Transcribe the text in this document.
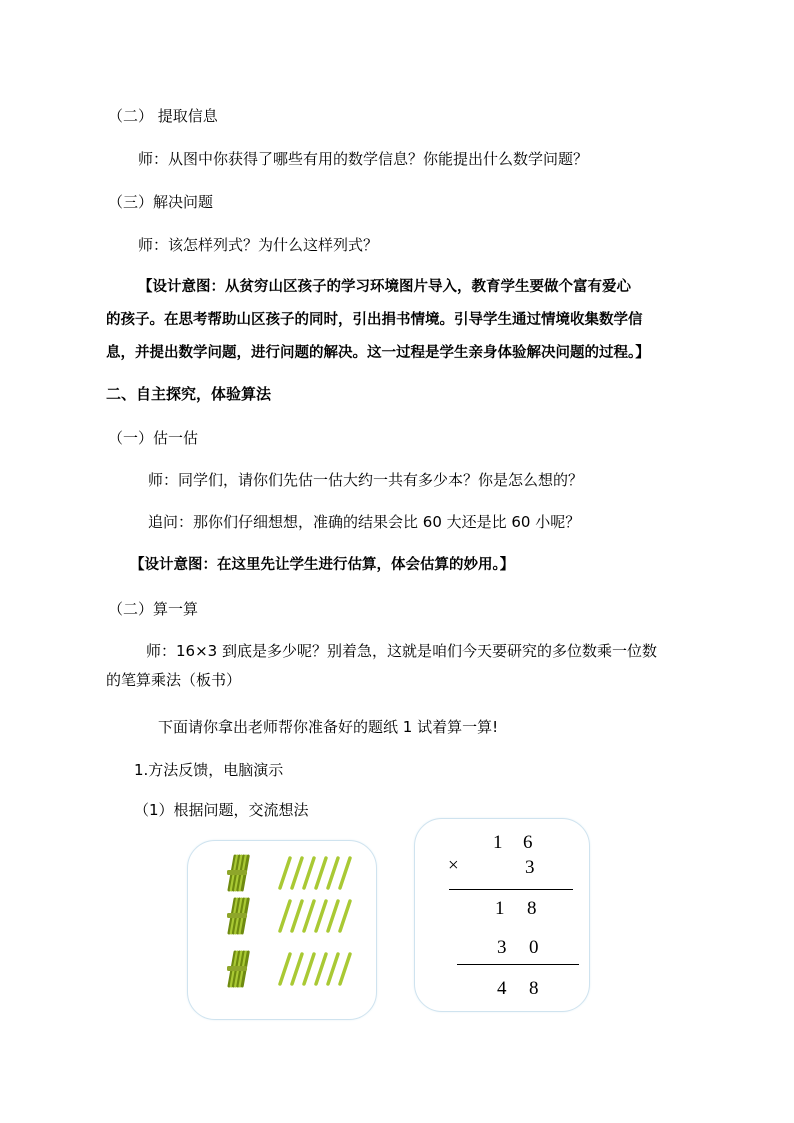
（二） 提取信息
师：从图中你获得了哪些有用的数学信息？你能提出什么数学问题？
（三）解决问题
师：该怎样列式？为什么这样列式？
【设计意图：从贫穷山区孩子的学习环境图片导入，教育学生要做个富有爱心
的孩子。在思考帮助山区孩子的同时，引出捐书情境。引导学生通过情境收集数学信
息，并提出数学问题，进行问题的解决。这一过程是学生亲身体验解决问题的过程。】
二、自主探究，体验算法
（一）估一估
师：同学们，请你们先估一估大约一共有多少本？你是怎么想的？
追问：那你们仔细想想，准确的结果会比 60 大还是比 60 小呢？
【设计意图：在这里先让学生进行估算，体会估算的妙用。】
（二）算一算
师：16×3 到底是多少呢？别着急，这就是咱们今天要研究的多位数乘一位数
的笔算乘法（板书）
下面请你拿出老师帮你准备好的题纸 1 试着算一算!
1.方法反馈，电脑演示
（1）根据问题，交流想法
1 6
×	3
1 8
3 0
4 8
